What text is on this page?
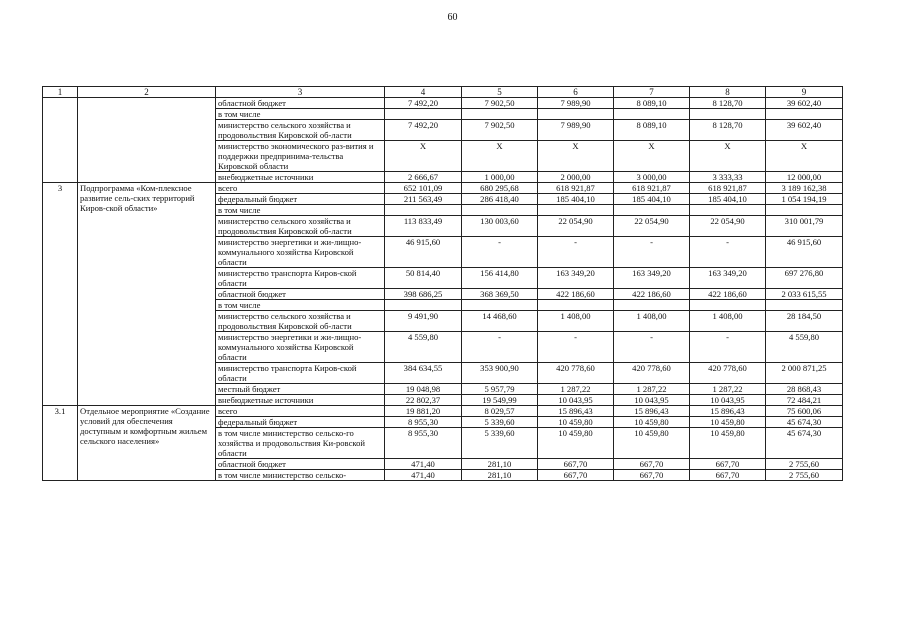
60
1	2	3	4	5	6	7	8	9
		областной бюджет	7 492,20	7 902,50	7 989,90	8 089,10	8 128,70	39 602,40
		в том числе						
		министерство сельского хозяйства и продовольствия Кировской об-ласти	7 492,20	7 902,50	7 989,90	8 089,10	8 128,70	39 602,40
		министерство экономического раз-вития и поддержки предпринима-тельства Кировской области	Х	Х	Х	Х	Х	Х
		внебюджетные источники	2 666,67	1 000,00	2 000,00	3 000,00	3 333,33	12 000,00
3	Подпрограмма «Ком-плексное развитие сель-ских территорий Киров-ской области»	всего	652 101,09	680 295,68	618 921,87	618 921,87	618 921,87	3 189 162,38
		федеральный бюджет	211 563,49	286 418,40	185 404,10	185 404,10	185 404,10	1 054 194,19
		в том числе						
		министерство сельского хозяйства и продовольствия Кировской об-ласти	113 833,49	130 003,60	22 054,90	22 054,90	22 054,90	310 001,79
		министерство энергетики и жи-лищно-коммунального хозяйства Кировской области	46 915,60	-	-	-	-	46 915,60
		министерство транспорта Киров-ской области	50 814,40	156 414,80	163 349,20	163 349,20	163 349,20	697 276,80
		областной бюджет	398 686,25	368 369,50	422 186,60	422 186,60	422 186,60	2 033 615,55
		в том числе						
		министерство сельского хозяйства и продовольствия Кировской об-ласти	9 491,90	14 468,60	1 408,00	1 408,00	1 408,00	28 184,50
		министерство энергетики и жи-лищно-коммунального хозяйства Кировской области	4 559,80	-	-	-	-	4 559,80
		министерство транспорта Киров-ской области	384 634,55	353 900,90	420 778,60	420 778,60	420 778,60	2 000 871,25
		местный бюджет	19 048,98	5 957,79	1 287,22	1 287,22	1 287,22	28 868,43
		внебюджетные источники	22 802,37	19 549,99	10 043,95	10 043,95	10 043,95	72 484,21
3.1	Отдельное мероприятие «Создание условий для обеспечения доступным и комфортным жильем сельского населения»	всего	19 881,20	8 029,57	15 896,43	15 896,43	15 896,43	75 600,06
		федеральный бюджет	8 955,30	5 339,60	10 459,80	10 459,80	10 459,80	45 674,30
		в том числе министерство сельско-го хозяйства и продовольствия Ки-ровской области	8 955,30	5 339,60	10 459,80	10 459,80	10 459,80	45 674,30
		областной бюджет	471,40	281,10	667,70	667,70	667,70	2 755,60
		в том числе министерство сельско-	471,40	281,10	667,70	667,70	667,70	2 755,60
